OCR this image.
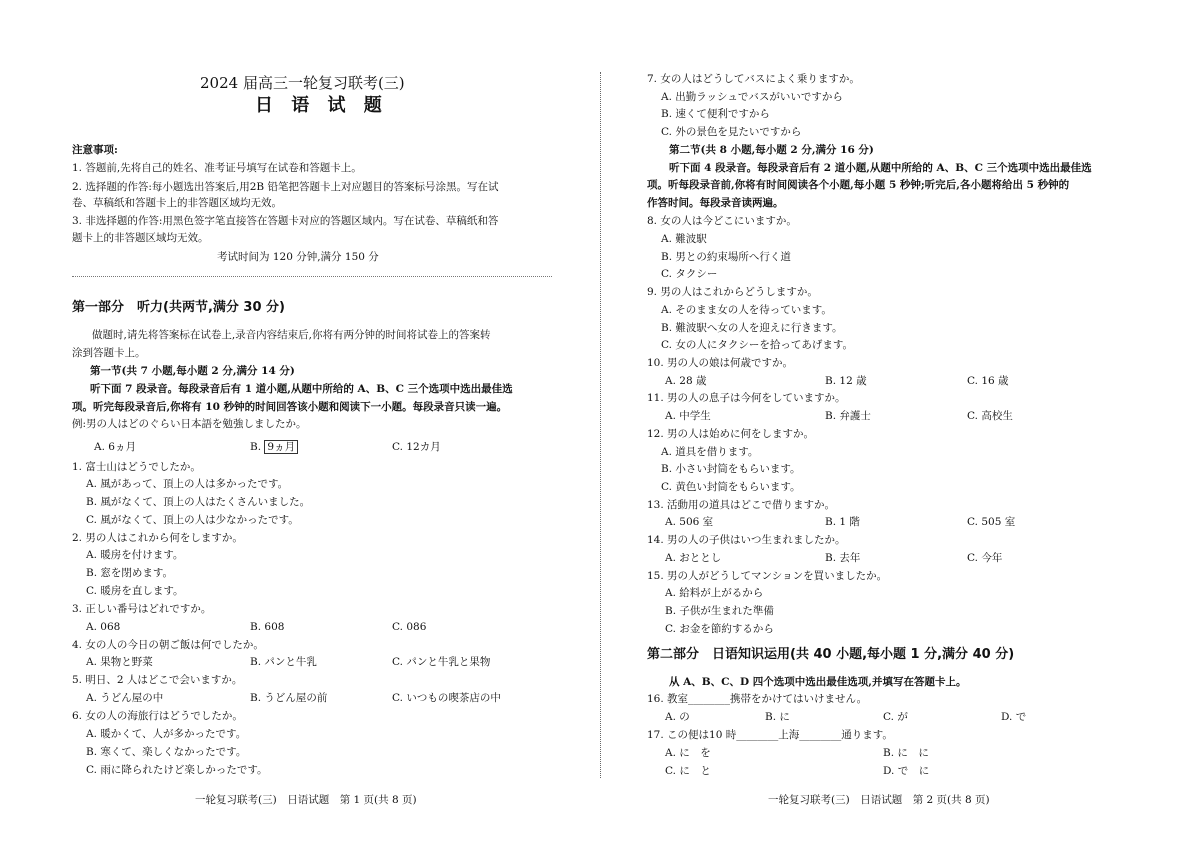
2024 届高三一轮复习联考(三)
日 语 试 题
注意事项:
1. 答题前,先将自己的姓名、准考证号填写在试卷和答题卡上。
2. 选择题的作答:每小题选出答案后,用2B 铅笔把答题卡上对应题目的答案标号涂黑。写在试
卷、草稿纸和答题卡上的非答题区域均无效。
3. 非选择题的作答:用黑色签字笔直接答在答题卡对应的答题区域内。写在试卷、草稿纸和答
题卡上的非答题区域均无效。
考试时间为 120 分钟,满分 150 分
第一部分　听力(共两节,满分 30 分)
做题时,请先将答案标在试卷上,录音内容结束后,你将有两分钟的时间将试卷上的答案转
涂到答题卡上。
第一节(共 7 小题,每小题 2 分,满分 14 分)
听下面 7 段录音。每段录音后有 1 道小题,从题中所给的 A、B、C 三个选项中选出最佳选
项。听完每段录音后,你将有 10 秒钟的时间回答该小题和阅读下一小题。每段录音只读一遍。
例:男の人はどのぐらい日本語を勉強しましたか。
A. 6ヵ月	B. 9ヵ月	C. 12カ月
1. 富士山はどうでしたか。
A. 風があって、頂上の人は多かったです。
B. 風がなくて、頂上の人はたくさんいました。
C. 風がなくて、頂上の人は少なかったです。
2. 男の人はこれから何をしますか。
A. 暖房を付けます。
B. 窓を閉めます。
C. 暖房を直します。
3. 正しい番号はどれですか。
A. 068	B. 608	C. 086
4. 女の人の今日の朝ご飯は何でしたか。
A. 果物と野菜	B. パンと牛乳	C. パンと牛乳と果物
5. 明日、2 人はどこで会いますか。
A. うどん屋の中	B. うどん屋の前	C. いつもの喫茶店の中
6. 女の人の海旅行はどうでしたか。
A. 暖かくて、人が多かったです。
B. 寒くて、楽しくなかったです。
C. 雨に降られたけど楽しかったです。
一轮复习联考(三)　日语试题　第 1 页(共 8 页)
7. 女の人はどうしてバスによく乗りますか。
A. 出勤ラッシュでバスがいいですから
B. 速くて便利ですから
C. 外の景色を見たいですから
第二节(共 8 小题,每小题 2 分,满分 16 分)
听下面 4 段录音。每段录音后有 2 道小题,从题中所给的 A、B、C 三个选项中选出最佳选
项。听每段录音前,你将有时间阅读各个小题,每小题 5 秒钟;听完后,各小题将给出 5 秒钟的
作答时间。每段录音读两遍。
8. 女の人は今どこにいますか。
A. 難波駅
B. 男との約束場所へ行く道
C. タクシー
9. 男の人はこれからどうしますか。
A. そのまま女の人を待っています。
B. 難波駅へ女の人を迎えに行きます。
C. 女の人にタクシーを拾ってあげます。
10. 男の人の娘は何歳ですか。
A. 28 歳	B. 12 歳	C. 16 歳
11. 男の人の息子は今何をしていますか。
A. 中学生	B. 弁護士	C. 高校生
12. 男の人は始めに何をしますか。
A. 道具を借ります。
B. 小さい封筒をもらいます。
C. 黄色い封筒をもらいます。
13. 活動用の道具はどこで借りますか。
A. 506 室	B. 1 階	C. 505 室
14. 男の人の子供はいつ生まれましたか。
A. おととし	B. 去年	C. 今年
15. 男の人がどうしてマンションを買いましたか。
A. 給料が上がるから
B. 子供が生まれた準備
C. お金を節約するから
第二部分　日语知识运用(共 40 小题,每小题 1 分,满分 40 分)
从 A、B、C、D 四个选项中选出最佳选项,并填写在答题卡上。
16. 教室________携帯をかけてはいけません。
A. の	B. に	C. が	D. で
17. この便は10 時________上海________通ります。
A. に　を	B. に　に
C. に　と	D. で　に
一轮复习联考(三)　日语试题　第 2 页(共 8 页)
